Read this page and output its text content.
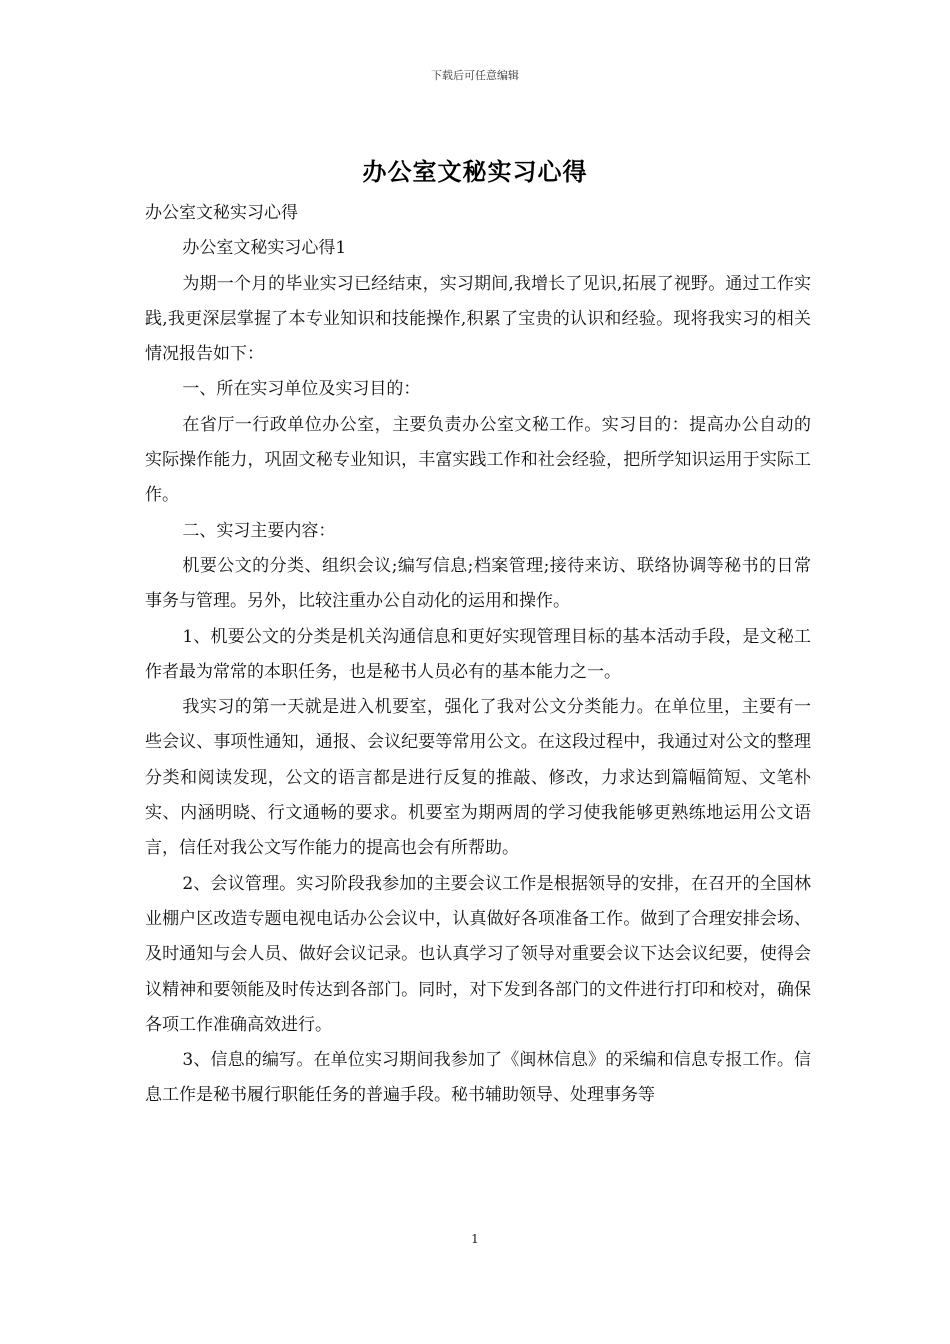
下载后可任意编辑
办公室文秘实习心得

办公室文秘实习心得

办公室文秘实习心得1

为期一个月的毕业实习已经结束，实习期间,我增长了见识,拓展了视野。通过工作实践,我更深层掌握了本专业知识和技能操作,积累了宝贵的认识和经验。现将我实习的相关情况报告如下：

一、所在实习单位及实习目的：

在省厅一行政单位办公室，主要负责办公室文秘工作。实习目的：提高办公自动的实际操作能力，巩固文秘专业知识，丰富实践工作和社会经验，把所学知识运用于实际工作。

二、实习主要内容：

机要公文的分类、组织会议;编写信息;档案管理;接待来访、联络协调等秘书的日常事务与管理。另外，比较注重办公自动化的运用和操作。

1、机要公文的分类是机关沟通信息和更好实现管理目标的基本活动手段，是文秘工作者最为常常的本职任务，也是秘书人员必有的基本能力之一。

我实习的第一天就是进入机要室，强化了我对公文分类能力。在单位里，主要有一些会议、事项性通知，通报、会议纪要等常用公文。在这段过程中，我通过对公文的整理分类和阅读发现，公文的语言都是进行反复的推敲、修改，力求达到篇幅简短、文笔朴实、内涵明晓、行文通畅的要求。机要室为期两周的学习使我能够更熟练地运用公文语言，信任对我公文写作能力的提高也会有所帮助。

2、会议管理。实习阶段我参加的主要会议工作是根据领导的安排，在召开的全国林业棚户区改造专题电视电话办公会议中，认真做好各项准备工作。做到了合理安排会场、及时通知与会人员、做好会议记录。也认真学习了领导对重要会议下达会议纪要，使得会议精神和要领能及时传达到各部门。同时，对下发到各部门的文件进行打印和校对，确保各项工作准确高效进行。

3、信息的编写。在单位实习期间我参加了《闽林信息》的采编和信息专报工作。信息工作是秘书履行职能任务的普遍手段。秘书辅助领导、处理事务等

1
